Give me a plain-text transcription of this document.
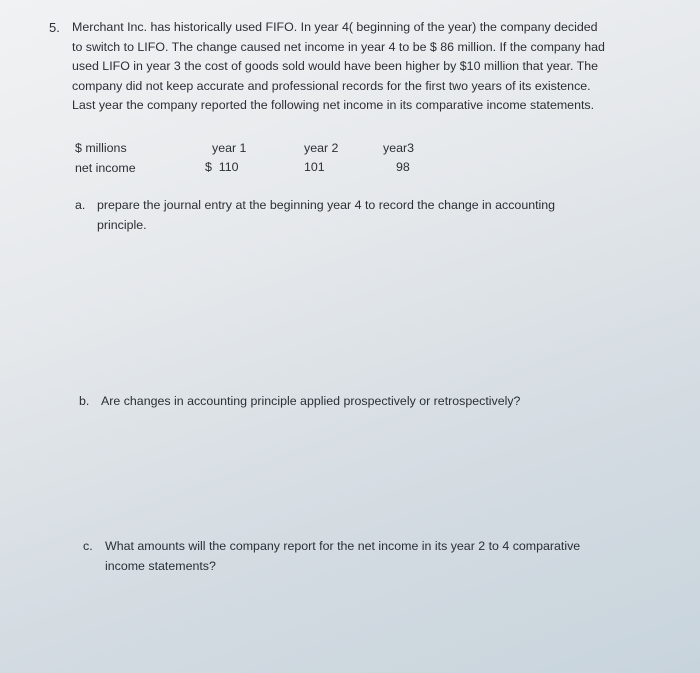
5. Merchant Inc. has historically used FIFO. In year 4( beginning of the year) the company decided
to switch to LIFO. The change caused net income in year 4 to be $ 86 million. If the company had
used LIFO in year 3 the cost of goods sold would have been higher by $10 million that year. The
company did not keep accurate and professional records for the first two years of its existence.
Last year the company reported the following net income in its comparative income statements.
$ millions	year 1	year 2	year3
net income	$  110	101	98
a. prepare the journal entry at the beginning year 4 to record the change in accounting
principle.
b. Are changes in accounting principle applied prospectively or retrospectively?
c. What amounts will the company report for the net income in its year 2 to 4 comparative
income statements?
